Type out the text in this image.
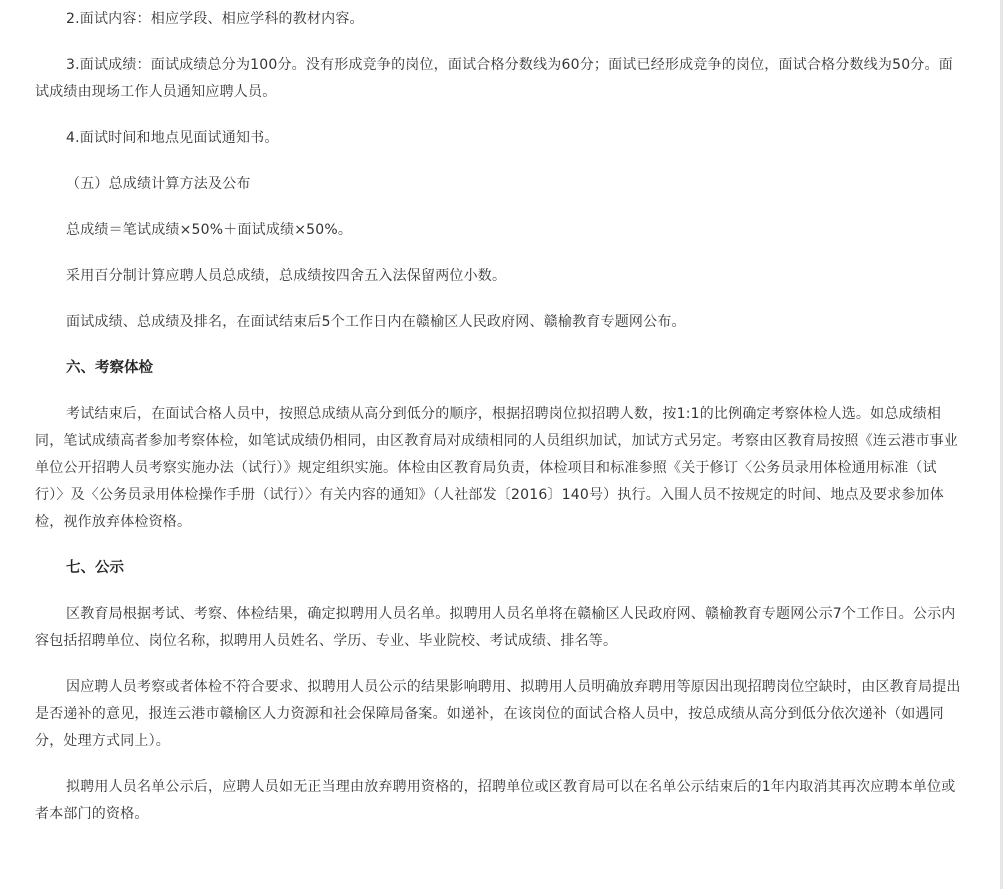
2.面试内容：相应学段、相应学科的教材内容。

3.面试成绩：面试成绩总分为100分。没有形成竞争的岗位，面试合格分数线为60分；面试已经形成竞争的岗位，面试合格分数线为50分。面试成绩由现场工作人员通知应聘人员。

4.面试时间和地点见面试通知书。

（五）总成绩计算方法及公布

总成绩＝笔试成绩×50%＋面试成绩×50%。

采用百分制计算应聘人员总成绩，总成绩按四舍五入法保留两位小数。

面试成绩、总成绩及排名，在面试结束后5个工作日内在赣榆区人民政府网、赣榆教育专题网公布。

六、考察体检

考试结束后，在面试合格人员中，按照总成绩从高分到低分的顺序，根据招聘岗位拟招聘人数，按1:1的比例确定考察体检人选。如总成绩相同，笔试成绩高者参加考察体检，如笔试成绩仍相同，由区教育局对成绩相同的人员组织加试，加试方式另定。考察由区教育局按照《连云港市事业单位公开招聘人员考察实施办法（试行）》规定组织实施。体检由区教育局负责，体检项目和标准参照《关于修订〈公务员录用体检通用标准（试行）〉及〈公务员录用体检操作手册（试行）〉有关内容的通知》（人社部发〔2016〕140号）执行。入围人员不按规定的时间、地点及要求参加体检，视作放弃体检资格。

七、公示

区教育局根据考试、考察、体检结果，确定拟聘用人员名单。拟聘用人员名单将在赣榆区人民政府网、赣榆教育专题网公示7个工作日。公示内容包括招聘单位、岗位名称，拟聘用人员姓名、学历、专业、毕业院校、考试成绩、排名等。

因应聘人员考察或者体检不符合要求、拟聘用人员公示的结果影响聘用、拟聘用人员明确放弃聘用等原因出现招聘岗位空缺时，由区教育局提出是否递补的意见，报连云港市赣榆区人力资源和社会保障局备案。如递补，在该岗位的面试合格人员中，按总成绩从高分到低分依次递补（如遇同分，处理方式同上）。

拟聘用人员名单公示后，应聘人员如无正当理由放弃聘用资格的，招聘单位或区教育局可以在名单公示结束后的1年内取消其再次应聘本单位或者本部门的资格。
